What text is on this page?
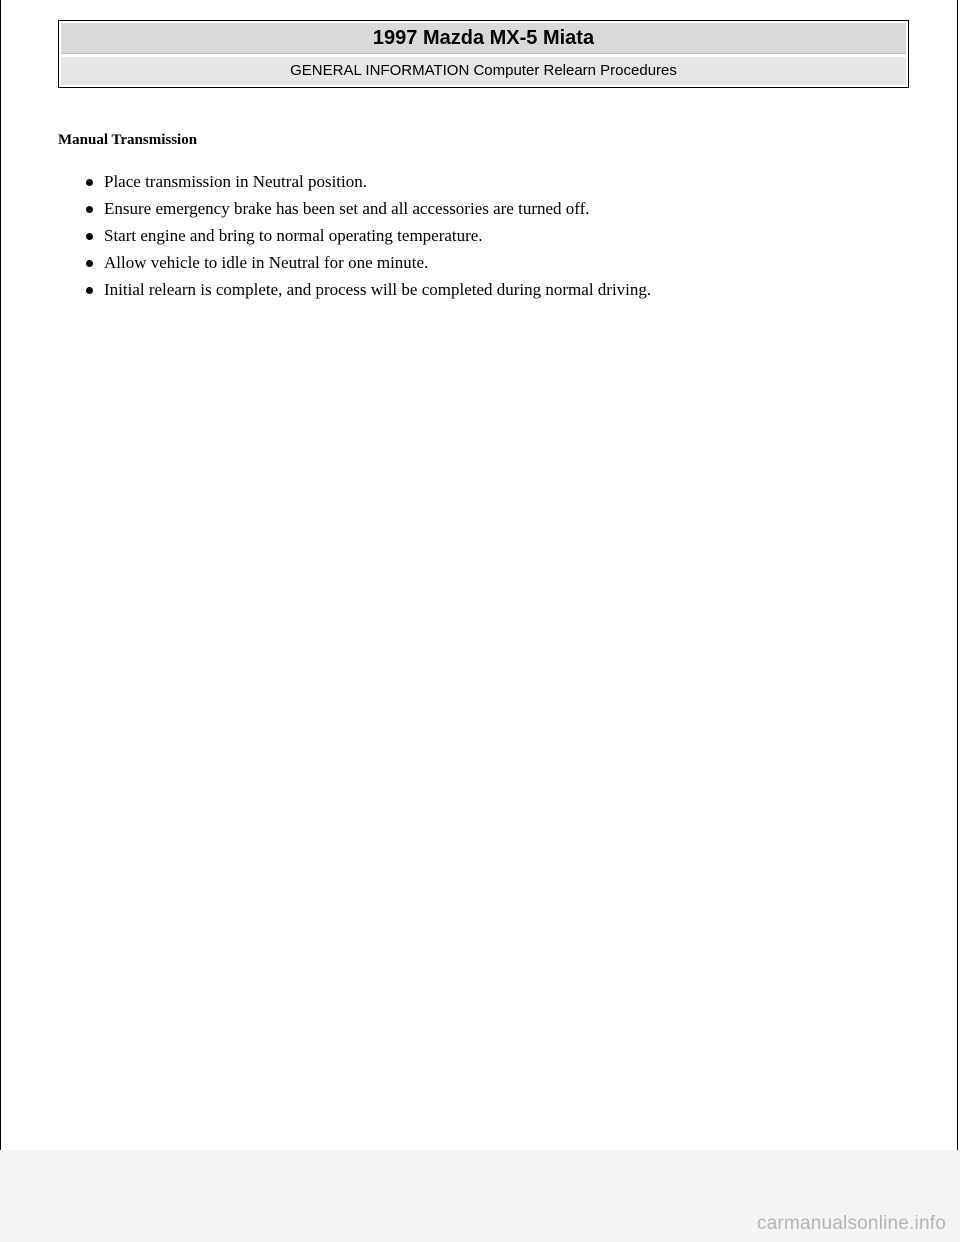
1997 Mazda MX-5 Miata
GENERAL INFORMATION Computer Relearn Procedures
Manual Transmission
Place transmission in Neutral position.
Ensure emergency brake has been set and all accessories are turned off.
Start engine and bring to normal operating temperature.
Allow vehicle to idle in Neutral for one minute.
Initial relearn is complete, and process will be completed during normal driving.
carmanualsonline.info
